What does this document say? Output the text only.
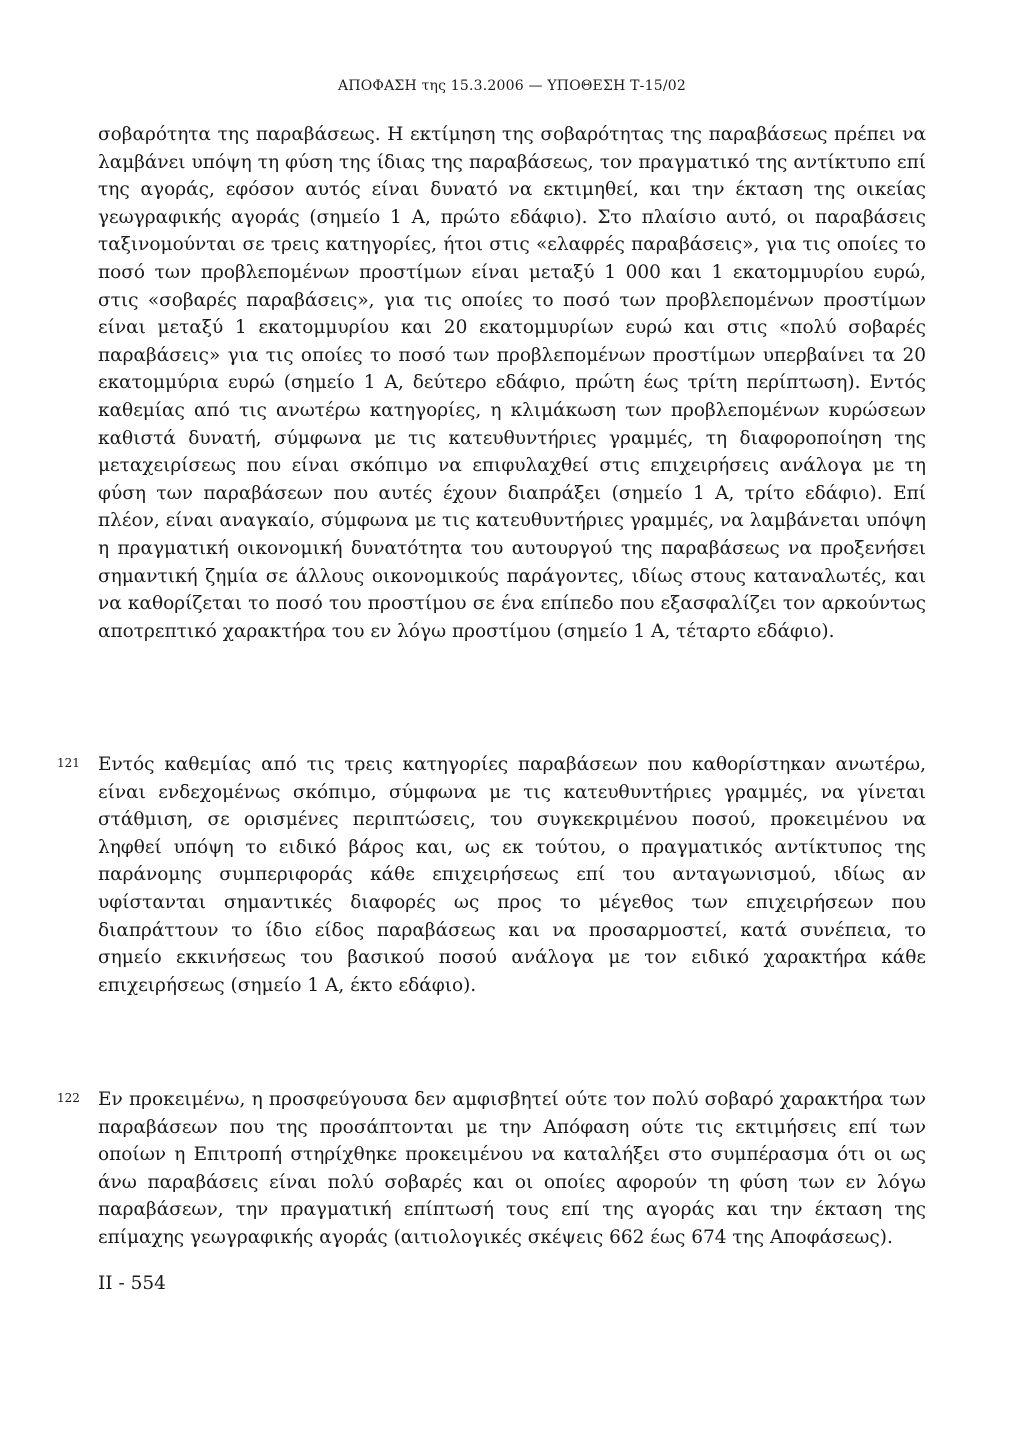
ΑΠΟΦΑΣΗ της 15.3.2006 — ΥΠΟΘΕΣΗ Τ-15/02
σοβαρότητα της παραβάσεως. Η εκτίμηση της σοβαρότητας της παραβάσεως πρέπει να λαμβάνει υπόψη τη φύση της ίδιας της παραβάσεως, τον πραγματικό της αντίκτυπο επί της αγοράς, εφόσον αυτός είναι δυνατό να εκτιμηθεί, και την έκταση της οικείας γεωγραφικής αγοράς (σημείο 1 Α, πρώτο εδάφιο). Στο πλαίσιο αυτό, οι παραβάσεις ταξινομούνται σε τρεις κατηγορίες, ήτοι στις «ελαφρές παραβάσεις», για τις οποίες το ποσό των προβλεπομένων προστίμων είναι μεταξύ 1 000 και 1 εκατομμυρίου ευρώ, στις «σοβαρές παραβάσεις», για τις οποίες το ποσό των προβλεπομένων προστίμων είναι μεταξύ 1 εκατομμυρίου και 20 εκατομμυρίων ευρώ και στις «πολύ σοβαρές παραβάσεις» για τις οποίες το ποσό των προβλεπομένων προστίμων υπερβαίνει τα 20 εκατομμύρια ευρώ (σημείο 1 Α, δεύτερο εδάφιο, πρώτη έως τρίτη περίπτωση). Εντός καθεμίας από τις ανωτέρω κατηγορίες, η κλιμάκωση των προβλεπομένων κυρώσεων καθιστά δυνατή, σύμφωνα με τις κατευθυντήριες γραμμές, τη διαφοροποίηση της μεταχειρίσεως που είναι σκόπιμο να επιφυλαχθεί στις επιχειρήσεις ανάλογα με τη φύση των παραβάσεων που αυτές έχουν διαπράξει (σημείο 1 Α, τρίτο εδάφιο). Επί πλέον, είναι αναγκαίο, σύμφωνα με τις κατευθυντήριες γραμμές, να λαμβάνεται υπόψη η πραγματική οικονομική δυνατότητα του αυτουργού της παραβάσεως να προξενήσει σημαντική ζημία σε άλλους οικονομικούς παράγοντες, ιδίως στους καταναλωτές, και να καθορίζεται το ποσό του προστίμου σε ένα επίπεδο που εξασφαλίζει τον αρκούντως αποτρεπτικό χαρακτήρα του εν λόγω προστίμου (σημείο 1 Α, τέταρτο εδάφιο).
121 Εντός καθεμίας από τις τρεις κατηγορίες παραβάσεων που καθορίστηκαν ανωτέρω, είναι ενδεχομένως σκόπιμο, σύμφωνα με τις κατευθυντήριες γραμμές, να γίνεται στάθμιση, σε ορισμένες περιπτώσεις, του συγκεκριμένου ποσού, προκειμένου να ληφθεί υπόψη το ειδικό βάρος και, ως εκ τούτου, ο πραγματικός αντίκτυπος της παράνομης συμπεριφοράς κάθε επιχειρήσεως επί του ανταγωνισμού, ιδίως αν υφίστανται σημαντικές διαφορές ως προς το μέγεθος των επιχειρήσεων που διαπράττουν το ίδιο είδος παραβάσεως και να προσαρμοστεί, κατά συνέπεια, το σημείο εκκινήσεως του βασικού ποσού ανάλογα με τον ειδικό χαρακτήρα κάθε επιχειρήσεως (σημείο 1 Α, έκτο εδάφιο).
122 Εν προκειμένω, η προσφεύγουσα δεν αμφισβητεί ούτε τον πολύ σοβαρό χαρακτήρα των παραβάσεων που της προσάπτονται με την Απόφαση ούτε τις εκτιμήσεις επί των οποίων η Επιτροπή στηρίχθηκε προκειμένου να καταλήξει στο συμπέρασμα ότι οι ως άνω παραβάσεις είναι πολύ σοβαρές και οι οποίες αφορούν τη φύση των εν λόγω παραβάσεων, την πραγματική επίπτωσή τους επί της αγοράς και την έκταση της επίμαχης γεωγραφικής αγοράς (αιτιολογικές σκέψεις 662 έως 674 της Αποφάσεως).
II - 554
